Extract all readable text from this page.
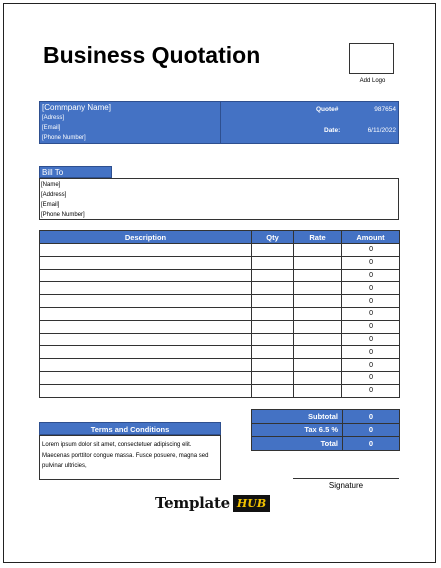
Business Quotation
Add Logo
[Commpany Name]
[Adress]
[Email]
[Phone Number]
Quote#	987654
Date:	6/11/2022
Bill To
[Name]
[Address]
[Email]
[Phone Number]
Description	Qty	Rate	Amount
			0
			0
			0
			0
			0
			0
			0
			0
			0
			0
			0
			0
Terms and Conditions
Lorem ipsum dolor sit amet, consectetuer adipiscing elit. Maecenas porttitor congue massa. Fusce posuere, magna sed pulvinar ultricies,
Subtotal	0
Tax 6.5 %	0
Total	0
Signature
Template HUB
